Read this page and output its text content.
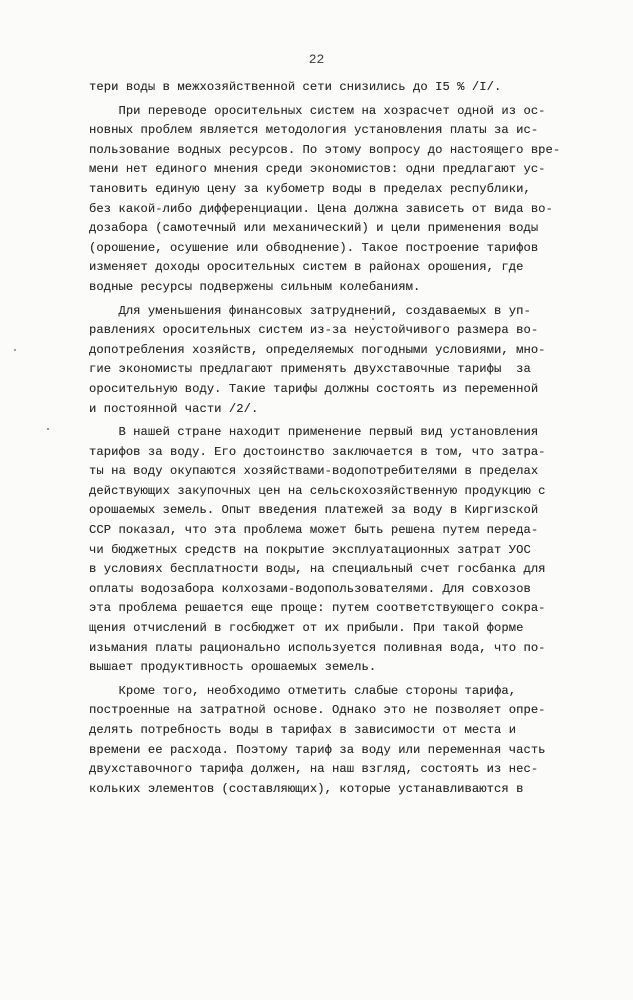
22
тери воды в межхозяйственной сети снизились до I5 % /I/.
При переводе оросительных систем на хозрасчет одной из ос-
новных проблем является методология установления платы за ис-
пользование водных ресурсов. По этому вопросу до настоящего вре-
мени нет единого мнения среди экономистов: одни предлагают ус-
тановить единую цену за кубометр воды в пределах республики,
без какой-либо дифференциации. Цена должна зависеть от вида во-
дозабора (самотечный или механический) и цели применения воды
(орошение, осушение или обводнение). Такое построение тарифов
изменяет доходы оросительных систем в районах орошения, где
водные ресурсы подвержены сильным колебаниям.
Для уменьшения финансовых затруднений, создаваемых в уп-
равлениях оросительных систем из-за неустойчивого размера во-
допотребления хозяйств, определяемых погодными условиями, мно-
гие экономисты предлагают применять двухставочные тарифы  за
оросительную воду. Такие тарифы должны состоять из переменной
и постоянной части /2/.
В нашей стране находит применение первый вид установления
тарифов за воду. Его достоинство заключается в том, что затра-
ты на воду окупаются хозяйствами-водопотребителями в пределах
действующих закупочных цен на сельскохозяйственную продукцию с
орошаемых земель. Опыт введения платежей за воду в Киргизской
ССР показал, что эта проблема может быть решена путем переда-
чи бюджетных средств на покрытие эксплуатационных затрат УОС
в условиях бесплатности воды, на специальный счет госбанка для
оплаты водозабора колхозами-водопользователями. Для совхозов
эта проблема решается еще проще: путем соответствующего сокра-
щения отчислений в госбюджет от их прибыли. При такой форме
изьмания платы рационально используется поливная вода, что по-
вышает продуктивность орошаемых земель.
Кроме того, необходимо отметить слабые стороны тарифа,
построенные на затратной основе. Однако это не позволяет опре-
делять потребность воды в тарифах в зависимости от места и
времени ее расхода. Поэтому тариф за воду или переменная часть
двухставочного тарифа должен, на наш взгляд, состоять из нес-
кольких элементов (составляющих), которые устанавливаются в
